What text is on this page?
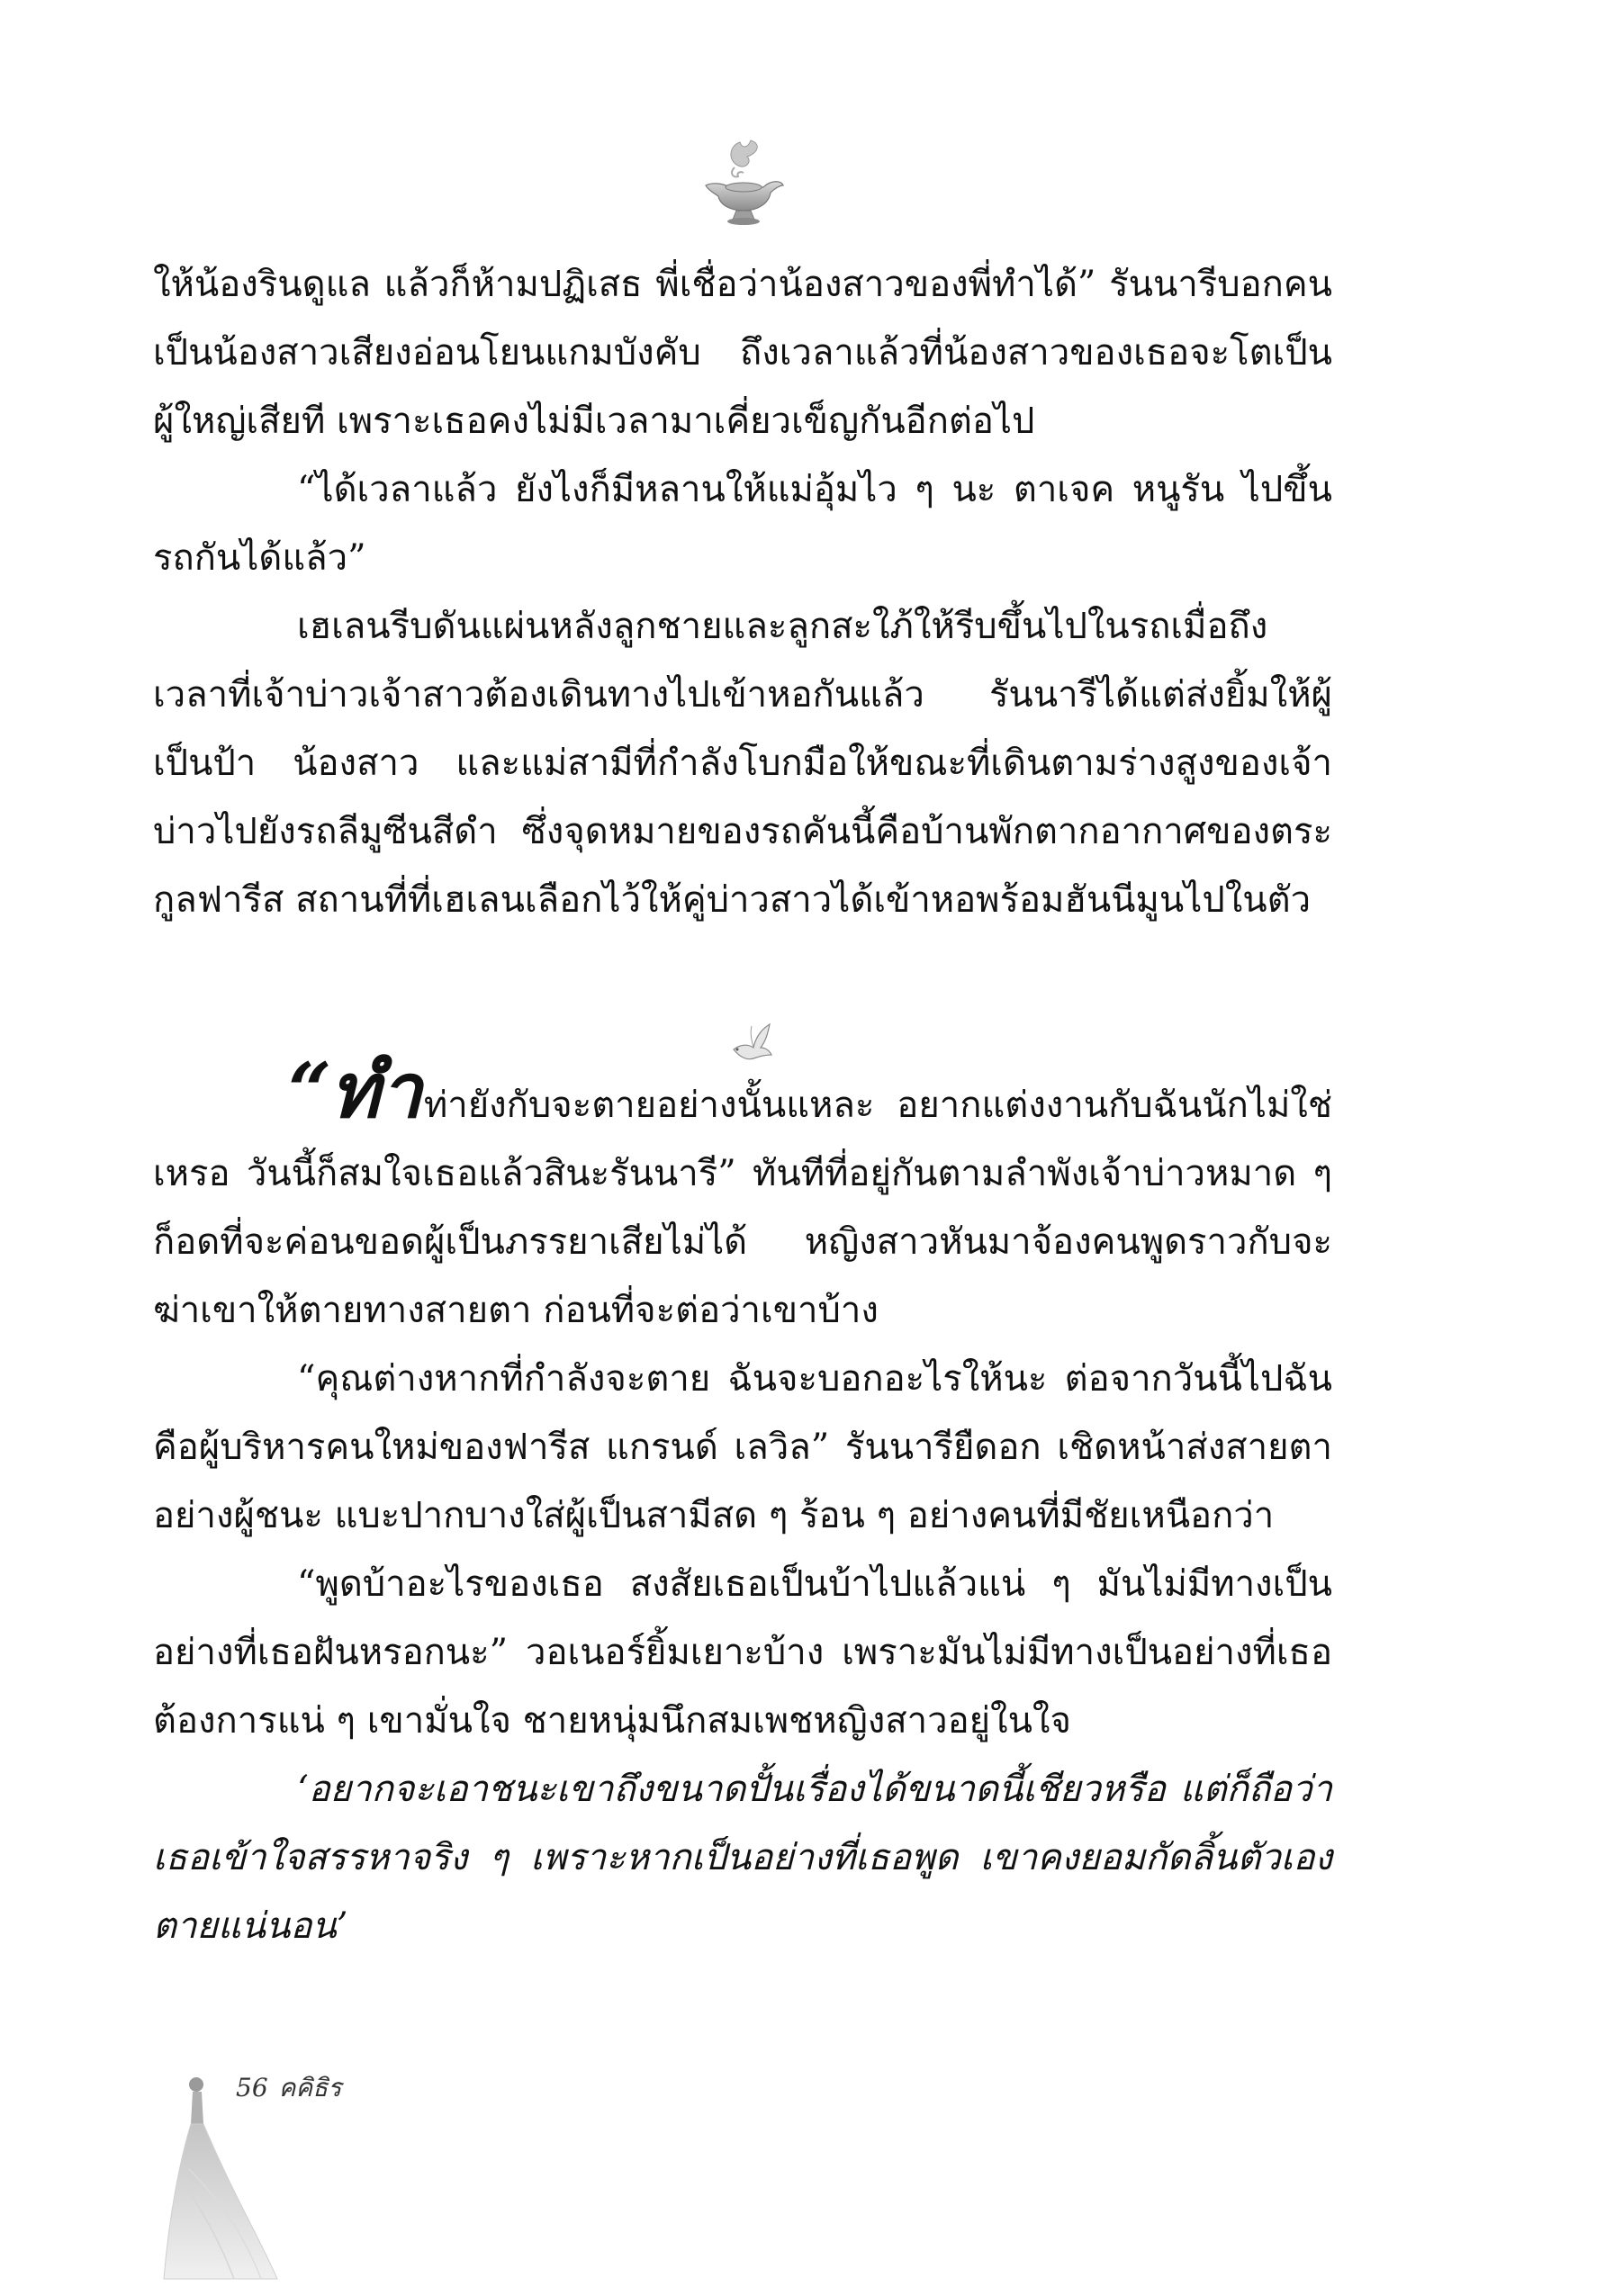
ให้น้องรินดูแล แล้วก็ห้ามปฏิเสธ พี่เชื่อว่าน้องสาวของพี่ทำได้” รันนารีบอกคนเป็นน้องสาวเสียงอ่อนโยนแกมบังคับ ถึงเวลาแล้วที่น้องสาวของเธอจะโตเป็นผู้ใหญ่เสียที เพราะเธอคงไม่มีเวลามาเคี่ยวเข็ญกันอีกต่อไป

“ได้เวลาแล้ว ยังไงก็มีหลานให้แม่อุ้มไว ๆ นะ ตาเจค หนูรัน ไปขึ้นรถกันได้แล้ว”

เฮเลนรีบดันแผ่นหลังลูกชายและลูกสะใภ้ให้รีบขึ้นไปในรถเมื่อถึงเวลาที่เจ้าบ่าวเจ้าสาวต้องเดินทางไปเข้าหอกันแล้ว รันนารีได้แต่ส่งยิ้มให้ผู้เป็นป้า น้องสาว และแม่สามีที่กำลังโบกมือให้ขณะที่เดินตามร่างสูงของเจ้าบ่าวไปยังรถลีมูซีนสีดำ ซึ่งจุดหมายของรถคันนี้คือบ้านพักตากอากาศของตระกูลฟารีส สถานที่ที่เฮเลนเลือกไว้ให้คู่บ่าวสาวได้เข้าหอพร้อมฮันนีมูนไปในตัว

“ทำ ท่ายังกับจะตายอย่างนั้นแหละ อยากแต่งงานกับฉันนักไม่ใช่เหรอ วันนี้ก็สมใจเธอแล้วสินะรันนารี” ทันทีที่อยู่กันตามลำพังเจ้าบ่าวหมาด ๆ ก็อดที่จะค่อนขอดผู้เป็นภรรยาเสียไม่ได้ หญิงสาวหันมาจ้องคนพูดราวกับจะฆ่าเขาให้ตายทางสายตา ก่อนที่จะต่อว่าเขาบ้าง

“คุณต่างหากที่กำลังจะตาย ฉันจะบอกอะไรให้นะ ต่อจากวันนี้ไปฉันคือผู้บริหารคนใหม่ของฟารีส แกรนด์ เลวิล” รันนารียืดอก เชิดหน้าส่งสายตาอย่างผู้ชนะ แบะปากบางใส่ผู้เป็นสามีสด ๆ ร้อน ๆ อย่างคนที่มีชัยเหนือกว่า

“พูดบ้าอะไรของเธอ สงสัยเธอเป็นบ้าไปแล้วแน่ ๆ มันไม่มีทางเป็นอย่างที่เธอฝันหรอกนะ” วอเนอร์ยิ้มเยาะบ้าง เพราะมันไม่มีทางเป็นอย่างที่เธอต้องการแน่ ๆ เขามั่นใจ ชายหนุ่มนึกสมเพชหญิงสาวอยู่ในใจ

‘อยากจะเอาชนะเขาถึงขนาดปั้นเรื่องได้ขนาดนี้เชียวหรือ แต่ก็ถือว่าเธอเข้าใจสรรหาจริง ๆ เพราะหากเป็นอย่างที่เธอพูด เขาคงยอมกัดลิ้นตัวเองตายแน่นอน’

56 คคิธิร
